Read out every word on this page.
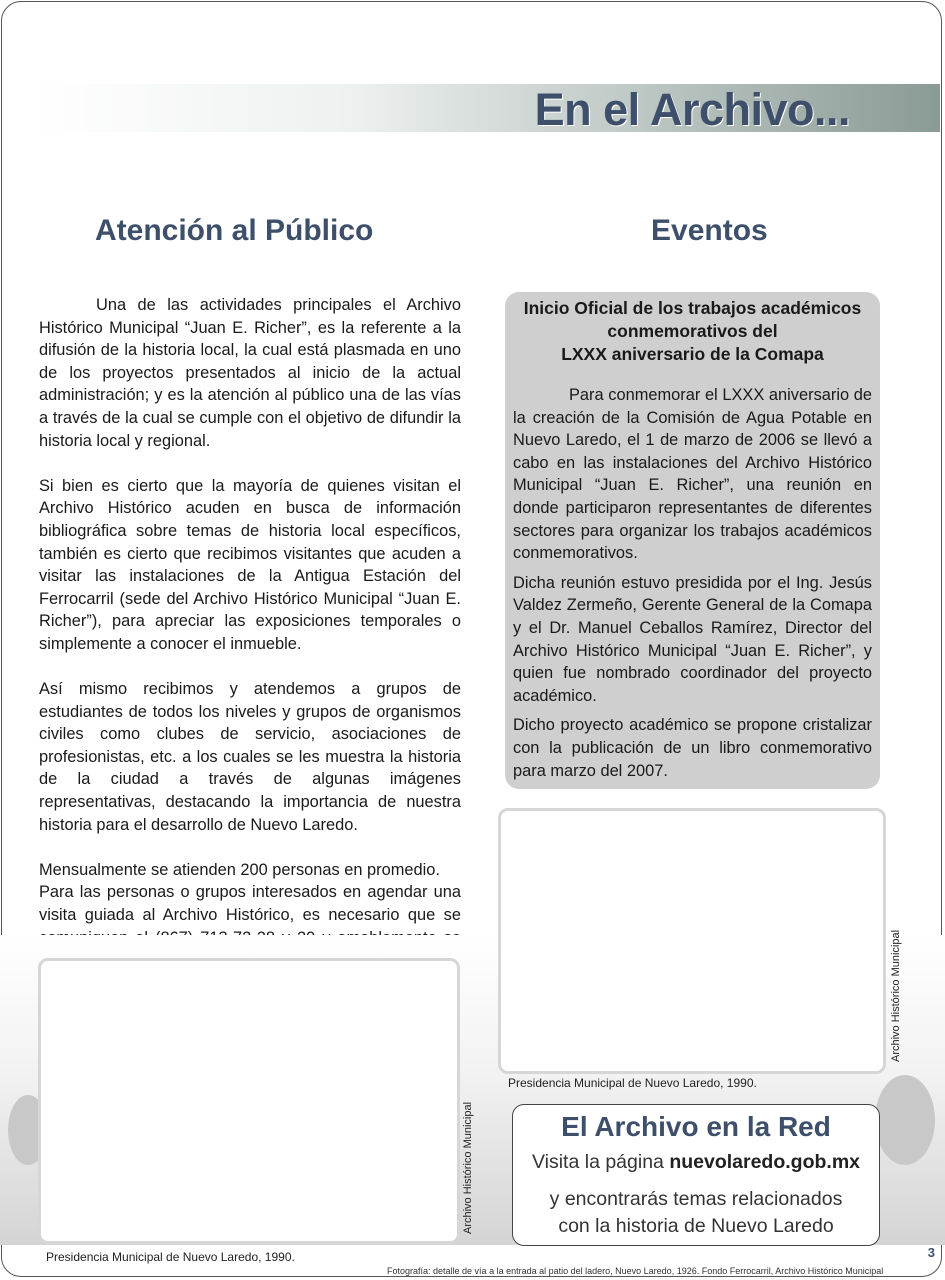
En el Archivo...
Atención al Público	Eventos

Una de las actividades principales el Archivo Histórico Municipal “Juan E. Richer”, es la referente a la difusión de la historia local, la cual está plasmada en uno de los proyectos presentados al inicio de la actual administración; y es la atención al público una de las vías a través de la cual se cumple con el objetivo de difundir la historia local y regional.

Si bien es cierto que la mayoría de quienes visitan el Archivo Histórico acuden en busca de información bibliográfica sobre temas de historia local específicos, también es cierto que recibimos visitantes que acuden a visitar las instalaciones de la Antigua Estación del Ferrocarril (sede del Archivo Histórico Municipal “Juan E. Richer”), para apreciar las exposiciones temporales o simplemente a conocer el inmueble.

Así mismo recibimos y atendemos a grupos de estudiantes de todos los niveles y grupos de organismos civiles como clubes de servicio, asociaciones de profesionistas, etc. a los cuales se les muestra la historia de la ciudad a través de algunas imágenes representativas, destacando la importancia de nuestra historia para el desarrollo de Nuevo Laredo.

Mensualmente se atienden 200 personas en promedio.

Para las personas o grupos interesados en agendar una visita guiada al Archivo Histórico, es necesario que se

Inicio Oficial de los trabajos académicos
conmemorativos del
LXXX aniversario de la Comapa

Para conmemorar el LXXX aniversario de la creación de la Comisión de Agua Potable en Nuevo Laredo, el 1 de marzo de 2006 se llevó a cabo en las instalaciones del Archivo Histórico Municipal “Juan E. Richer”, una reunión en donde participaron representantes de diferentes sectores para organizar los trabajos académicos conmemorativos.

Dicha reunión estuvo presidida por el Ing. Jesús Valdez Zermeño, Gerente General de la Comapa y el Dr. Manuel Ceballos Ramírez, Director del Archivo Histórico Municipal “Juan E. Richer”, y quien fue nombrado coordinador del proyecto académico.

Dicho proyecto académico se propone cristalizar con la publicación de un libro conmemorativo para marzo del 2007.

Archivo Histórico Municipal
Presidencia Municipal de Nuevo Laredo, 1990.
Archivo Histórico Municipal
Presidencia Municipal de Nuevo Laredo, 1990.
El Archivo en la Red

Visita la página nuevolaredo.gob.mx

y encontrarás temas relacionados

con la historia de Nuevo Laredo

3
Fotografía: detalle de vía a la entrada al patio del ladero, Nuevo Laredo, 1926. Fondo Ferrocarril, Archivo Histórico Municipal
